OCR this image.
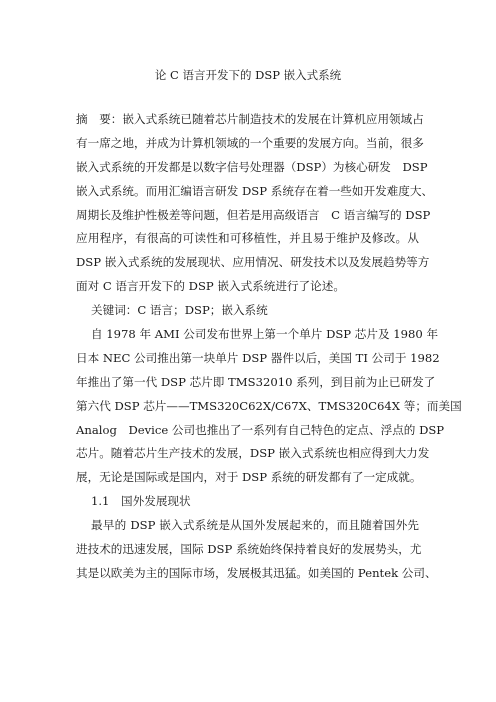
论 C 语言开发下的 DSP 嵌入式系统
摘　要：嵌入式系统已随着芯片制造技术的发展在计算机应用领域占
有一席之地，并成为计算机领域的一个重要的发展方向。当前，很多
嵌入式系统的开发都是以数字信号处理器（DSP）为核心研发　DSP
嵌入式系统。而用汇编语言研发 DSP 系统存在着一些如开发难度大、
周期长及维护性极差等问题，但若是用高级语言　C 语言编写的 DSP
应用程序，有很高的可读性和可移植性，并且易于维护及修改。从
DSP 嵌入式系统的发展现状、应用情况、研发技术以及发展趋势等方
面对 C 语言开发下的 DSP 嵌入式系统进行了论述。
关键词：C 语言；DSP；嵌入系统
自 1978 年 AMI 公司发布世界上第一个单片 DSP 芯片及 1980 年
日本 NEC 公司推出第一块单片 DSP 器件以后，美国 TI 公司于 1982
年推出了第一代 DSP 芯片即 TMS32010 系列，到目前为止已研发了
第六代 DSP 芯片——TMS320C62X/C67X、TMS320C64X 等；而美国
Analog　Device 公司也推出了一系列有自己特色的定点、浮点的 DSP
芯片。随着芯片生产技术的发展，DSP 嵌入式系统也相应得到大力发
展，无论是国际或是国内，对于 DSP 系统的研发都有了一定成就。
1.1　国外发展现状
最早的 DSP 嵌入式系统是从国外发展起来的，而且随着国外先
进技术的迅速发展，国际 DSP 系统始终保持着良好的发展势头，尤
其是以欧美为主的国际市场，发展极其迅猛。如美国的 Pentek 公司、
